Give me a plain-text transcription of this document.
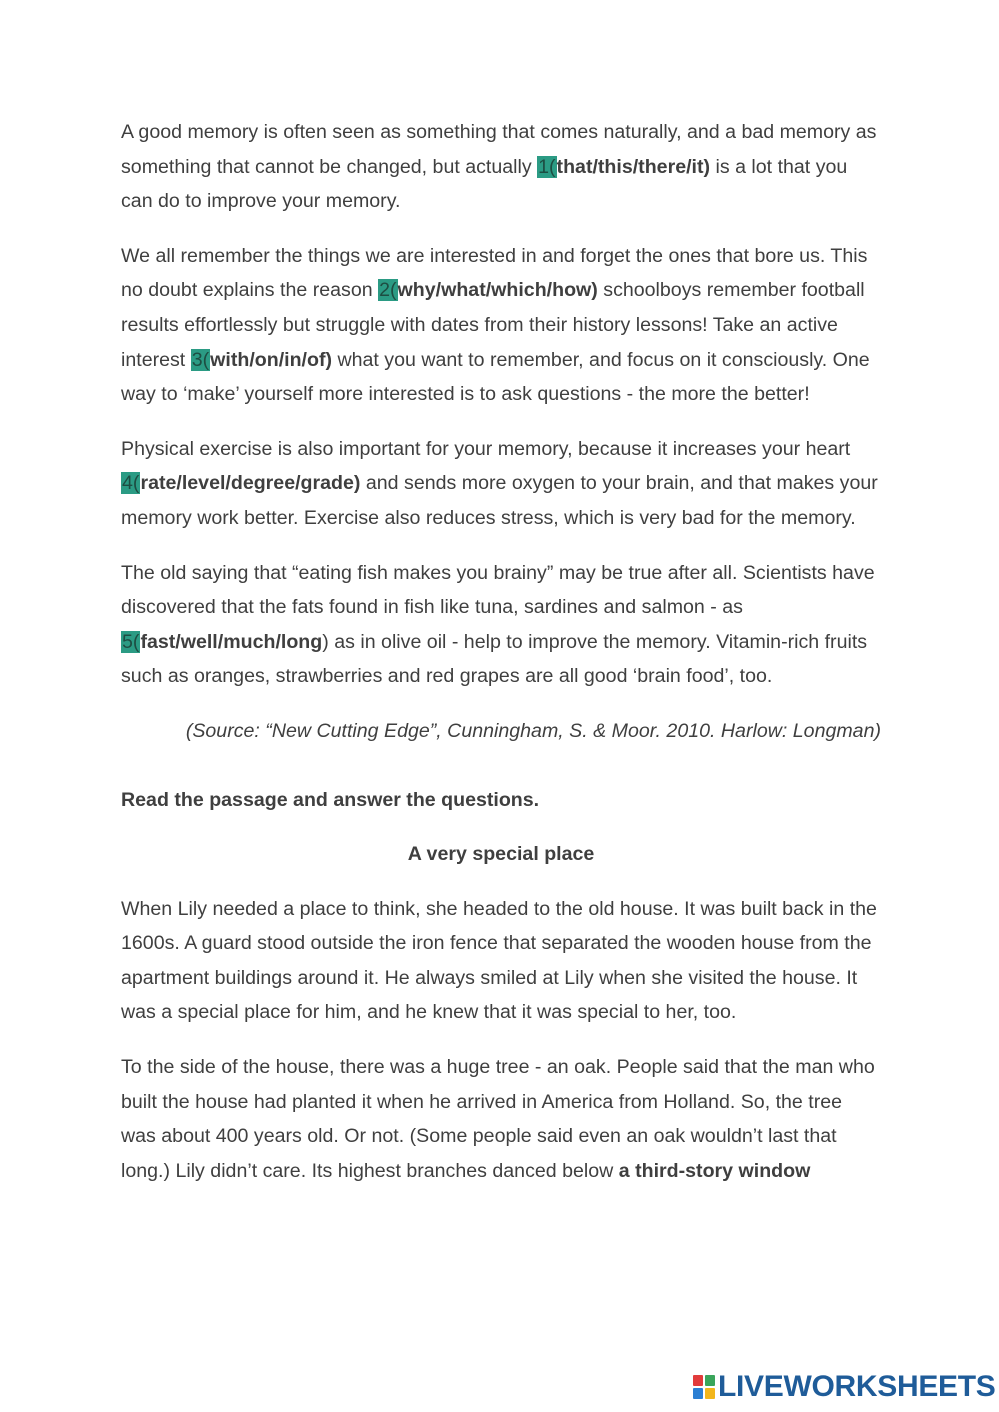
A good memory is often seen as something that comes naturally, and a bad memory as something that cannot be changed, but actually 1(that/this/there/it) is a lot that you can do to improve your memory.

We all remember the things we are interested in and forget the ones that bore us. This no doubt explains the reason 2(why/what/which/how) schoolboys remember football results effortlessly but struggle with dates from their history lessons! Take an active interest 3(with/on/in/of) what you want to remember, and focus on it consciously. One way to ‘make’ yourself more interested is to ask questions - the more the better!

Physical exercise is also important for your memory, because it increases your heart 4(rate/level/degree/grade) and sends more oxygen to your brain, and that makes your memory work better. Exercise also reduces stress, which is very bad for the memory.

The old saying that “eating fish makes you brainy” may be true after all. Scientists have discovered that the fats found in fish like tuna, sardines and salmon - as 5(fast/well/much/long) as in olive oil - help to improve the memory. Vitamin-rich fruits such as oranges, strawberries and red grapes are all good ‘brain food’, too.

(Source: “New Cutting Edge”, Cunningham, S. & Moor. 2010. Harlow: Longman)

Read the passage and answer the questions.

A very special place

When Lily needed a place to think, she headed to the old house. It was built back in the 1600s. A guard stood outside the iron fence that separated the wooden house from the apartment buildings around it. He always smiled at Lily when she visited the house. It was a special place for him, and he knew that it was special to her, too.

To the side of the house, there was a huge tree - an oak. People said that the man who built the house had planted it when he arrived in America from Holland. So, the tree was about 400 years old. Or not. (Some people said even an oak wouldn’t last that long.) Lily didn’t care. Its highest branches danced below a third-story window

LIVEWORKSHEETS
